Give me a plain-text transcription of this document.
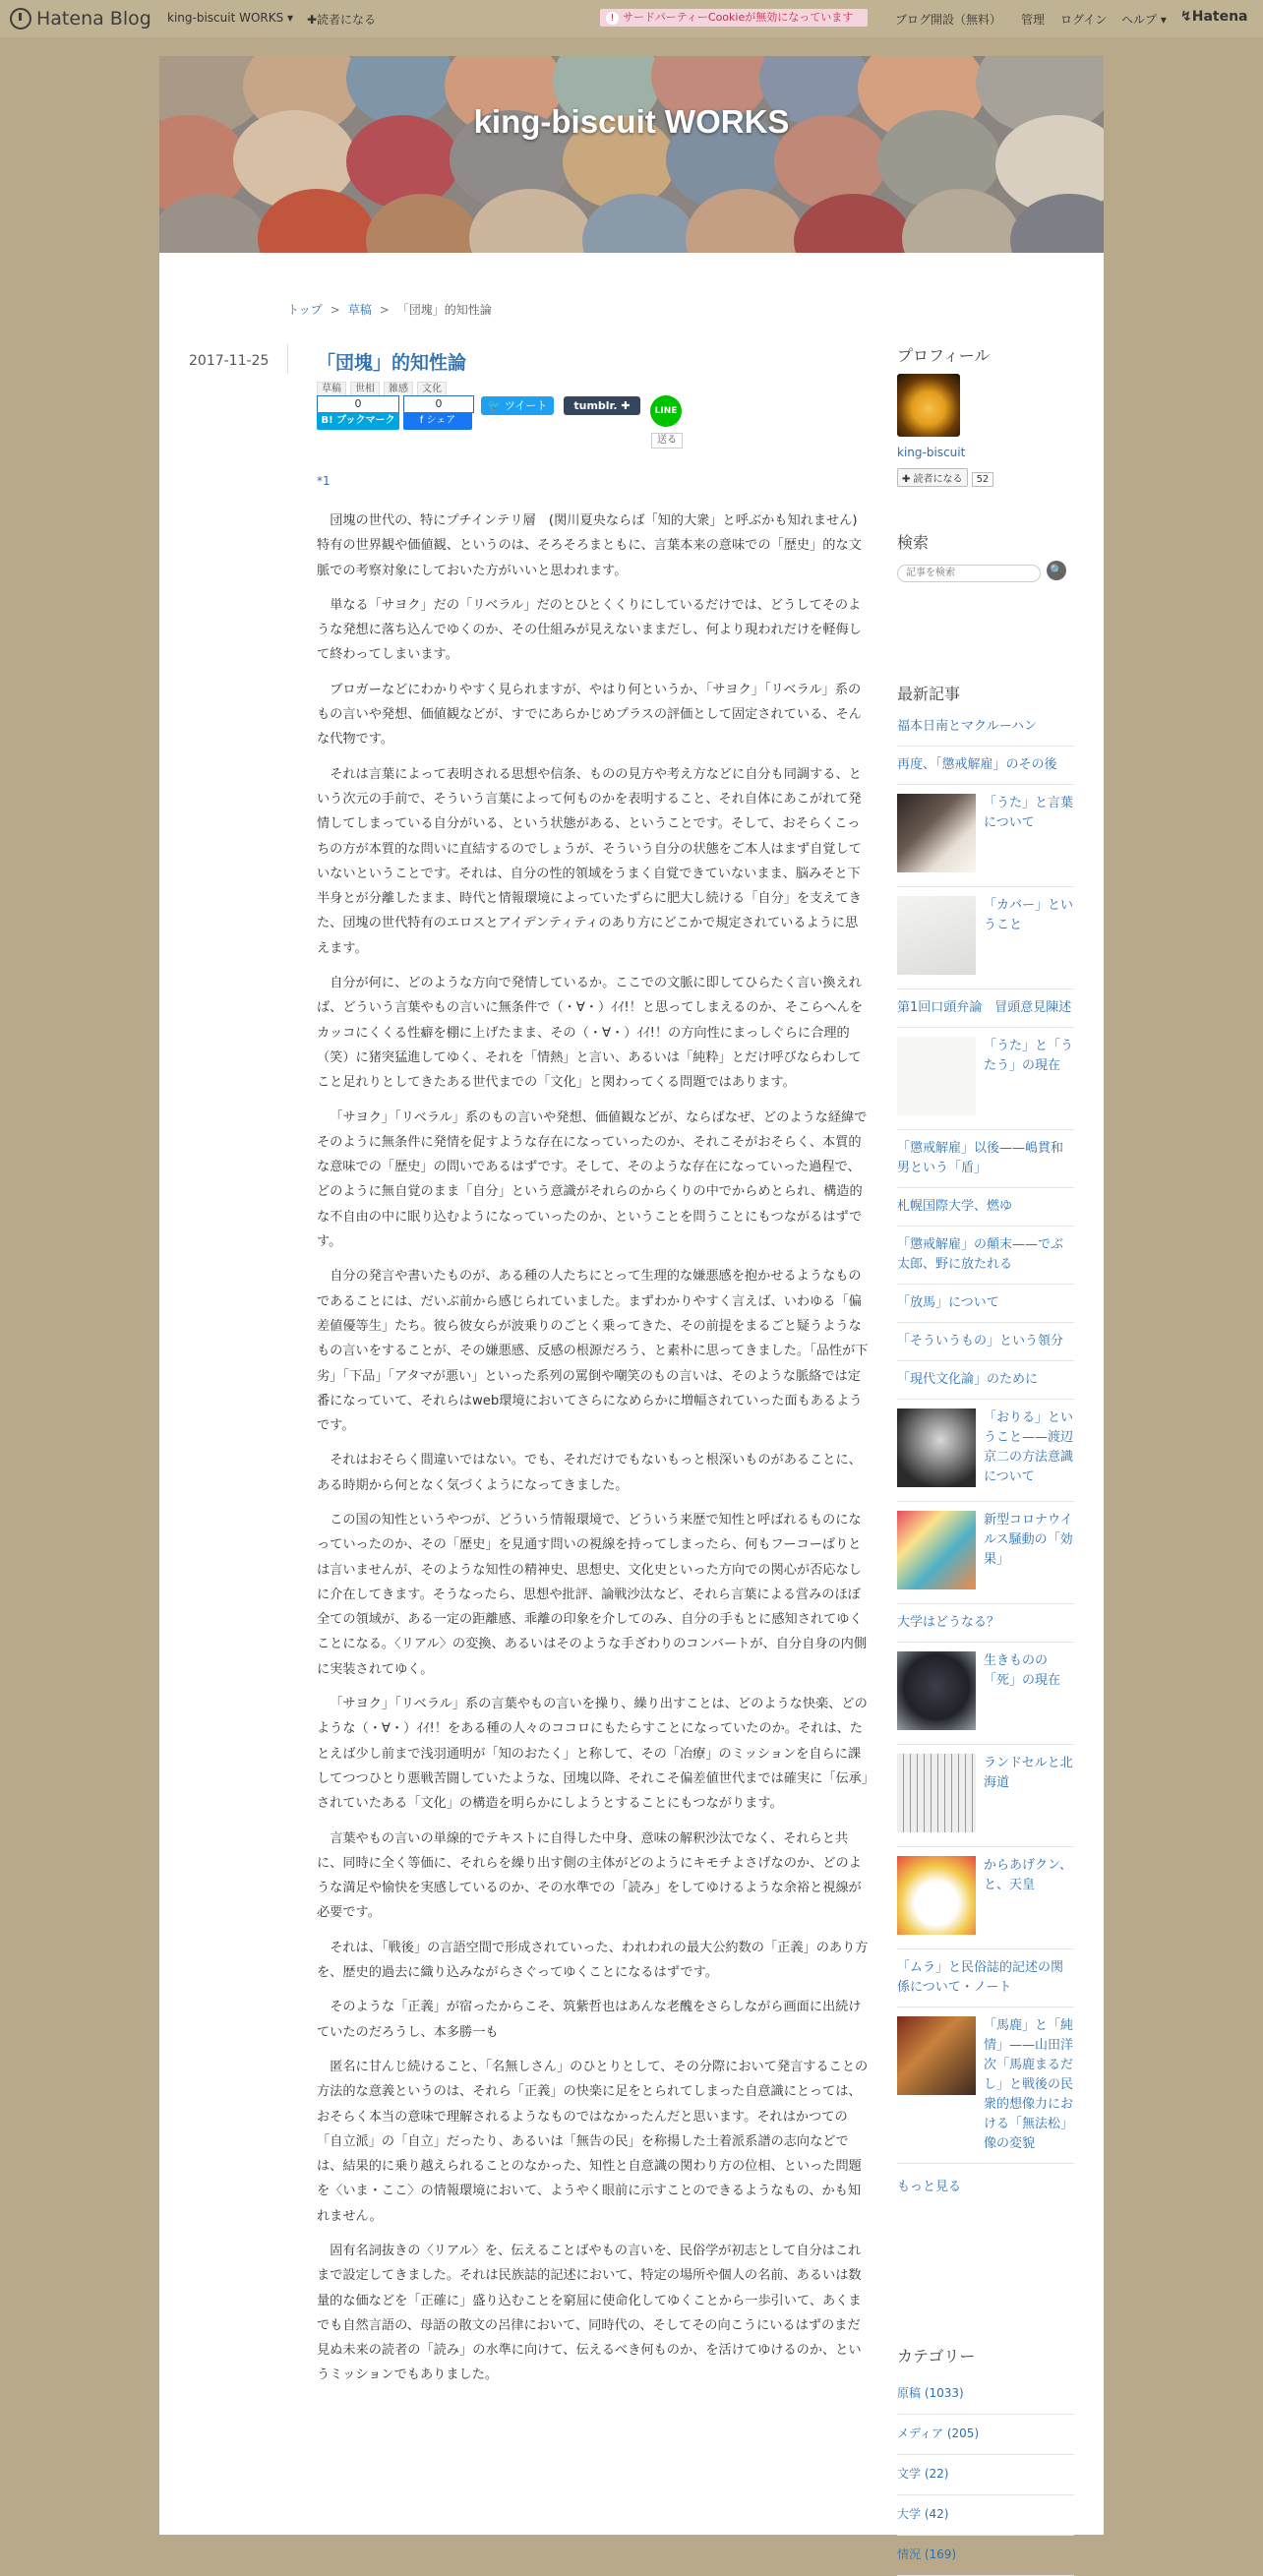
Hatena Blog king-biscuit WORKS ▾ ✚読者になる	! サードパーティーCookieが無効になっています	ブログ開設（無料） 管理 ログイン ヘルプ ▾ ↯Hatena
king-biscuit WORKS
トップ > 草稿 > 「団塊」的知性論
2017-11-25	「団塊」的知性論
草稿	世相	雑感	文化
0
B! ブックマーク
0
f シェア
🐦 ツイート	tumblr. ✚	LINE
送る
*1

団塊の世代の、特にプチインテリ層　(関川夏央ならば「知的大衆」と呼ぶかも知れません)　特有の世界観や価値観、というのは、そろそろまともに、言葉本来の意味での「歴史」的な文脈での考察対象にしておいた方がいいと思われます。

単なる「サヨク」だの「リベラル」だのとひとくくりにしているだけでは、どうしてそのような発想に落ち込んでゆくのか、その仕組みが見えないままだし、何より現われだけを軽侮して終わってしまいます。

ブロガーなどにわかりやすく見られますが、やはり何というか、「サヨク」「リベラル」系のもの言いや発想、価値観などが、すでにあらかじめプラスの評価として固定されている、そんな代物です。

それは言葉によって表明される思想や信条、ものの見方や考え方などに自分も同調する、という次元の手前で、そういう言葉によって何ものかを表明すること、それ自体にあこがれて発情してしまっている自分がいる、という状態がある、ということです。そして、おそらくこっちの方が本質的な問いに直結するのでしょうが、そういう自分の状態をご本人はまず自覚していないということです。それは、自分の性的領域をうまく自覚できていないまま、脳みそと下半身とが分離したまま、時代と情報環境によっていたずらに肥大し続ける「自分」を支えてきた、団塊の世代特有のエロスとアイデンティティのあり方にどこかで規定されているように思えます。

自分が何に、どのような方向で発情しているか。ここでの文脈に即してひらたく言い換えれば、どういう言葉やもの言いに無条件で（・∀・）ｲｲ!！と思ってしまえるのか、そこらへんをカッコにくくる性癖を棚に上げたまま、その（・∀・）ｲｲ!！の方向性にまっしぐらに合理的（笑）に猪突猛進してゆく、それを「情熱」と言い、あるいは「純粋」とだけ呼びならわしてこと足れりとしてきたある世代までの「文化」と関わってくる問題ではあります。

「サヨク」「リベラル」系のもの言いや発想、価値観などが、ならばなぜ、どのような経緯でそのように無条件に発情を促すような存在になっていったのか、それこそがおそらく、本質的な意味での「歴史」の問いであるはずです。そして、そのような存在になっていった過程で、どのように無自覚のまま「自分」という意識がそれらのからくりの中でからめとられ、構造的な不自由の中に眠り込むようになっていったのか、ということを問うことにもつながるはずです。

自分の発言や書いたものが、ある種の人たちにとって生理的な嫌悪感を抱かせるようなものであることには、だいぶ前から感じられていました。まずわかりやすく言えば、いわゆる「偏差値優等生」たち。彼ら彼女らが波乗りのごとく乗ってきた、その前提をまるごと疑うようなもの言いをすることが、その嫌悪感、反感の根源だろう、と素朴に思ってきました。「品性が下劣」「下品」「アタマが悪い」といった系列の罵倒や嘲笑のもの言いは、そのような脈絡では定番になっていて、それらはweb環境においてさらになめらかに増幅されていった面もあるようです。

それはおそらく間違いではない。でも、それだけでもないもっと根深いものがあることに、ある時期から何となく気づくようになってきました。

この国の知性というやつが、どういう情報環境で、どういう来歴で知性と呼ばれるものになっていったのか、その「歴史」を見通す問いの視線を持ってしまったら、何もフーコーばりとは言いませんが、そのような知性の精神史、思想史、文化史といった方向での関心が否応なしに介在してきます。そうなったら、思想や批評、論戦沙汰など、それら言葉による営みのほぼ全ての領域が、ある一定の距離感、乖離の印象を介してのみ、自分の手もとに感知されてゆくことになる。〈リアル〉の変換、あるいはそのような手ざわりのコンバートが、自分自身の内側に実装されてゆく。

「サヨク」「リベラル」系の言葉やもの言いを操り、繰り出すことは、どのような快楽、どのような（・∀・）ｲｲ!！をある種の人々のココロにもたらすことになっていたのか。それは、たとえば少し前まで浅羽通明が「知のおたく」と称して、その「冶療」のミッションを自らに課してつつひとり悪戦苦闘していたような、団塊以降、それこそ偏差値世代までは確実に「伝承」されていたある「文化」の構造を明らかにしようとすることにもつながります。

言葉やもの言いの単線的でテキストに自得した中身、意味の解釈沙汰でなく、それらと共に、同時に全く等価に、それらを繰り出す側の主体がどのようにキモチよさげなのか、どのような満足や愉快を実感しているのか、その水準での「読み」をしてゆけるような余裕と視線が必要です。

それは、「戦後」の言語空間で形成されていった、われわれの最大公約数の「正義」のあり方を、歴史的過去に織り込みながらさぐってゆくことになるはずです。

そのような「正義」が宿ったからこそ、筑紫哲也はあんな老醜をさらしながら画面に出続けていたのだろうし、本多勝一も

匿名に甘んじ続けること、「名無しさん」のひとりとして、その分際において発言することの方法的な意義というのは、それら「正義」の快楽に足をとられてしまった自意識にとっては、おそらく本当の意味で理解されるようなものではなかったんだと思います。それはかつての「自立派」の「自立」だったり、あるいは「無告の民」を称揚した土着派系譜の志向などでは、結果的に乗り越えられることのなかった、知性と自意識の関わり方の位相、といった問題を〈いま・ここ〉の情報環境において、ようやく眼前に示すことのできるようなもの、かも知れません。

固有名詞抜きの〈リアル〉を、伝えることばやもの言いを、民俗学が初志として自分はこれまで設定してきました。それは民族誌的記述において、特定の場所や個人の名前、あるいは数量的な価などを「正確に」盛り込むことを窮屈に使命化してゆくことから一歩引いて、あくまでも自然言語の、母語の散文の呂律において、同時代の、そしてその向こうにいるはずのまだ見ぬ未来の読者の「読み」の水準に向けて、伝えるべき何ものか、を活けてゆけるのか、というミッションでもありました。

プロフィール
king-biscuit
✚ 読者になる 52
検索
記事を検索
🔍
最新記事
福本日南とマクルーハン
再度、「懲戒解雇」のその後
「うた」と言葉について
「カバー」ということ
第1回口頭弁論　冒頭意見陳述
「うた」と「うたう」の現在
「懲戒解雇」以後——嶋貫和男という「盾」
札幌国際大学、燃ゆ
「懲戒解雇」の顛末——でぶ太郎、野に放たれる
「放馬」について
「そういうもの」という領分
「現代文化論」のために
「おりる」ということ——渡辺京二の方法意識について
新型コロナウイルス騒動の「効果」
大学はどうなる？
生きものの「死」の現在
ランドセルと北海道
からあげクン、と、天皇
「ムラ」と民俗誌的記述の関係について・ノート
「馬鹿」と「純情」——山田洋次「馬鹿まるだし」と戦後の民衆的想像力における「無法松」像の変貌
もっと見る
カテゴリー
原稿 (1033)
メディア (205)
文学 (22)
大学 (42)
情況 (169)
